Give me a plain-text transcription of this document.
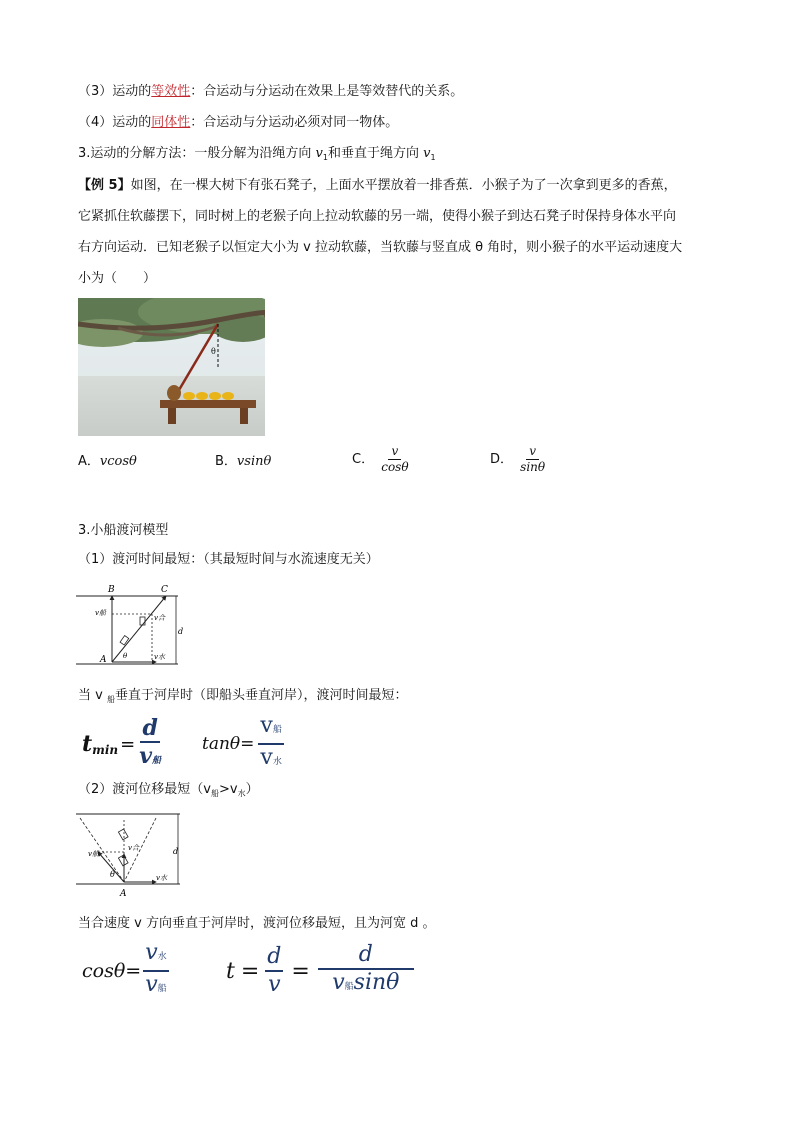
（3）运动的等效性：合运动与分运动在效果上是等效替代的关系。
（4）运动的同体性：合运动与分运动必须对同一物体。
3.运动的分解方法：一般分解为沿绳方向 $v_1$和垂直于绳方向 $v_1$
【例 5】如图，在一棵大树下有张石凳子，上面水平摆放着一排香蕉．小猴子为了一次拿到更多的香蕉，
它紧抓住软藤摆下，同时树上的老猴子向上拉动软藤的另一端，使得小猴子到达石凳子时保持身体水平向
右方向运动．已知老猴子以恒定大小为 v 拉动软藤，当软藤与竖直成 θ 角时，则小猴子的水平运动速度大
小为（　　）
θ
A．vcosθ	B．vsinθ	C． $\frac{v}{\cos\theta}$	D． $\frac{v}{\sin\theta}$
3.小船渡河模型
（1）渡河时间最短：（其最短时间与水流速度无关）
B	C
A
v船
v合
v水
d
θ
当 v $_船$垂直于河岸时（即船头垂直河岸），渡河时间最短：
t min =
d
v船
tanθ=
v船
v水
（2）渡河位移最短$(v_船>v_水)$
A
v船
v合
v水
d
θ
当合速度 v 方向垂直于河岸时，渡河位移最短，且为河宽 d 。
cosθ=
v水
v船
$t = \frac{d}{v}$ =
d
v船sinθ
